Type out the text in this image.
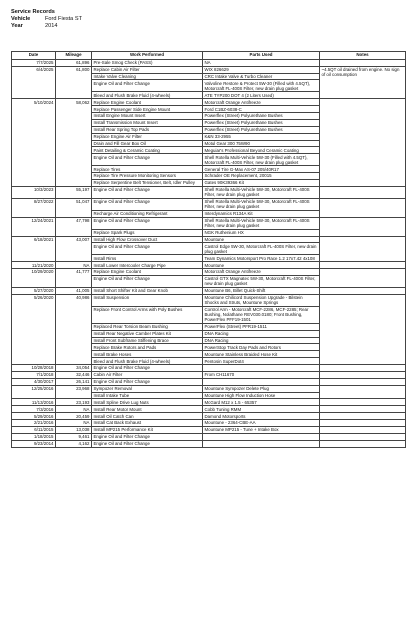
Service Records
Vehicle	Ford Fiesta ST
Year	2014
Date	Mileage	Work Performed	Parts Used	Notes
7/7/2025	61,896	Pre-Sale Smog Check (PASS)	NA	
6/4/2025	61,800	Replace Cabin Air Filter	WIX 826629	~4.5QT oil drained from engine. No sign of oil consumption
		Intake Valve Cleaning	CRC Intake Valve & Turbo Cleaner	
		Engine Oil and Filter Change	Valvoline Restore & Protect 5W-30 (Filled with 4.5QT), Motorcraft FL-400S Filter, new drain plug gasket	
		Bleed and Flush Brake Fluid (4-wheels)	ATE TYP200 DOT 4 (2 Liters Used)	
5/10/2024	58,062	Replace Engine Coolant	Motorcraft Orange Antifreeze	
		Replace Passenger Side Engine Mount	Ford C1BZ-6038-C	
		Install Engine Mount Insert	Powerflex (Street) Polyurethane Bushes	
		Install Transmission Mount Insert	Powerflex (Street) Polyurethane Bushes	
		Install Rear Spring Top Pads	Powerflex (Street) Polyurethane Bushes	
		Replace Engine Air Filter	K&N 33-2955	
		Drain and Fill Gear Box Oil	Motul Gear 300 75W90	
		Paint Detailing & Ceramic Coating	Meguiar's Professional Beyond Ceramic Coating	
		Engine Oil and Filter Change	Shell Rotella Multi-Vehicle 5W-30 (Filled with 4.5QT), Motorcraft FL-400S Filter, new drain plug gasket	
		Replace Tires	General Tire G-Max AS-07 205/40R17	
		Replace Tire Pressure Monitoring Sensors	Schrader OE Replacement, 20015	
		Replace Serpentine Belt Tensioner, Belt, Idler Pulley	Gates 90K39366 Kit	
10/3/2023	55,197	Engine Oil and Filter Change	Shell Rotella Multi-Vehicle 5W-30, Motorcraft FL-400S Filter, new drain plug gasket	
8/27/2022	51,047	Engine Oil and Filter Change	Shell Rotella Multi-Vehicle 5W-30, Motorcraft FL-400S Filter, new drain plug gasket	
		Recharge Air Conditioning Refrigerant	Interdynamics R134A Kit	
12/24/2021	47,798	Engine Oil and Filter Change	Shell Rotella Multi-Vehicle 5W-30, Motorcraft FL-400S Filter, new drain plug gasket	
		Replace Spark Plugs	NGK Ruthenium HX	
6/18/2021	43,007	Install High Flow Crossover Duct	Mountune	
		Engine Oil and Filter Change	Castrol Edge 5W-30, Motorcraft FL-400S Filter, new drain plug gasket	
		Install Rims	Team Dynamics Motorsport Pro Race 1.2 17x7.42 4x108	
11/21/2020	NA	Install Lower Intercooler Charge Pipe	Mountune	
10/29/2020	41,777	Replace Engine Coolant	Motorcraft Orange Antifreeze	
		Engine Oil and Filter Change	Castrol GTX Magnatec 5W-30, Motorcraft FL-400S Filter, new drain plug gasket	
5/27/2020	41,005	Install Short Shifter Kit and Gear Knob	Mountune B6, Billet Quick-Shift	
5/26/2020	40,986	Install Suspension	Mountune Chilicord Suspension Upgrade - Bilstein Shocks and Struts, Mountune Springs	
		Replace Front Control Arms with Poly Bushes	Control Arm - Motorcraft MCF-2286, MCF-2285; Rear Bushing, Nolathane REV030.0180; Front Bushing, PowerFlex PFF19-1501	
		Replaced Rear Torsion Beam Bushing	PowerFlex (Street) PFR19-1511	
		Install Rear Negative Camber Plates Kit	DNA Racing	
		Install Front Subframe Stiffening Brace	DNA Racing	
		Replace Brake Rotors and Pads	PowerStop Track Day Pads and Rotors	
		Install Brake Hoses	Mountune Stainless Braided Hose Kit	
		Bleed and Flush Brake Fluid (4-wheels)	Pentosin SuperDot4	
10/28/2018	34,054	Engine Oil and Filter Change		
7/1/2018	32,446	Cabin Air Filter	From CH11670	
4/30/2017	26,141	Engine Oil and Filter Change		
12/25/2016	23,968	Sympozer Removal	Mountune Sympozer Delete Plug	
		Install Intake Tube	Mountune High Flow Induction Hose	
11/13/2016	23,193	Install Spline Drive Lug Nuts	McGard M12 x 1.5 - 65357	
7/3/2016	NA	Install Rear Motor Mount	Cobb Tuning RMM	
5/29/2016	20,459	Install Oil Catch Can	Damond Motorsports	
2/21/2016	NA	Install Cat Back Exhaust	Mountune - 2364-CBE-AA	
6/11/2015	13,038	Install MP215 Performance Kit	Mountune MP215 - Tune + Intake Box	
1/18/2015	9,461	Engine Oil and Filter Change		
9/23/2014	4,162	Engine Oil and Filter Change		
